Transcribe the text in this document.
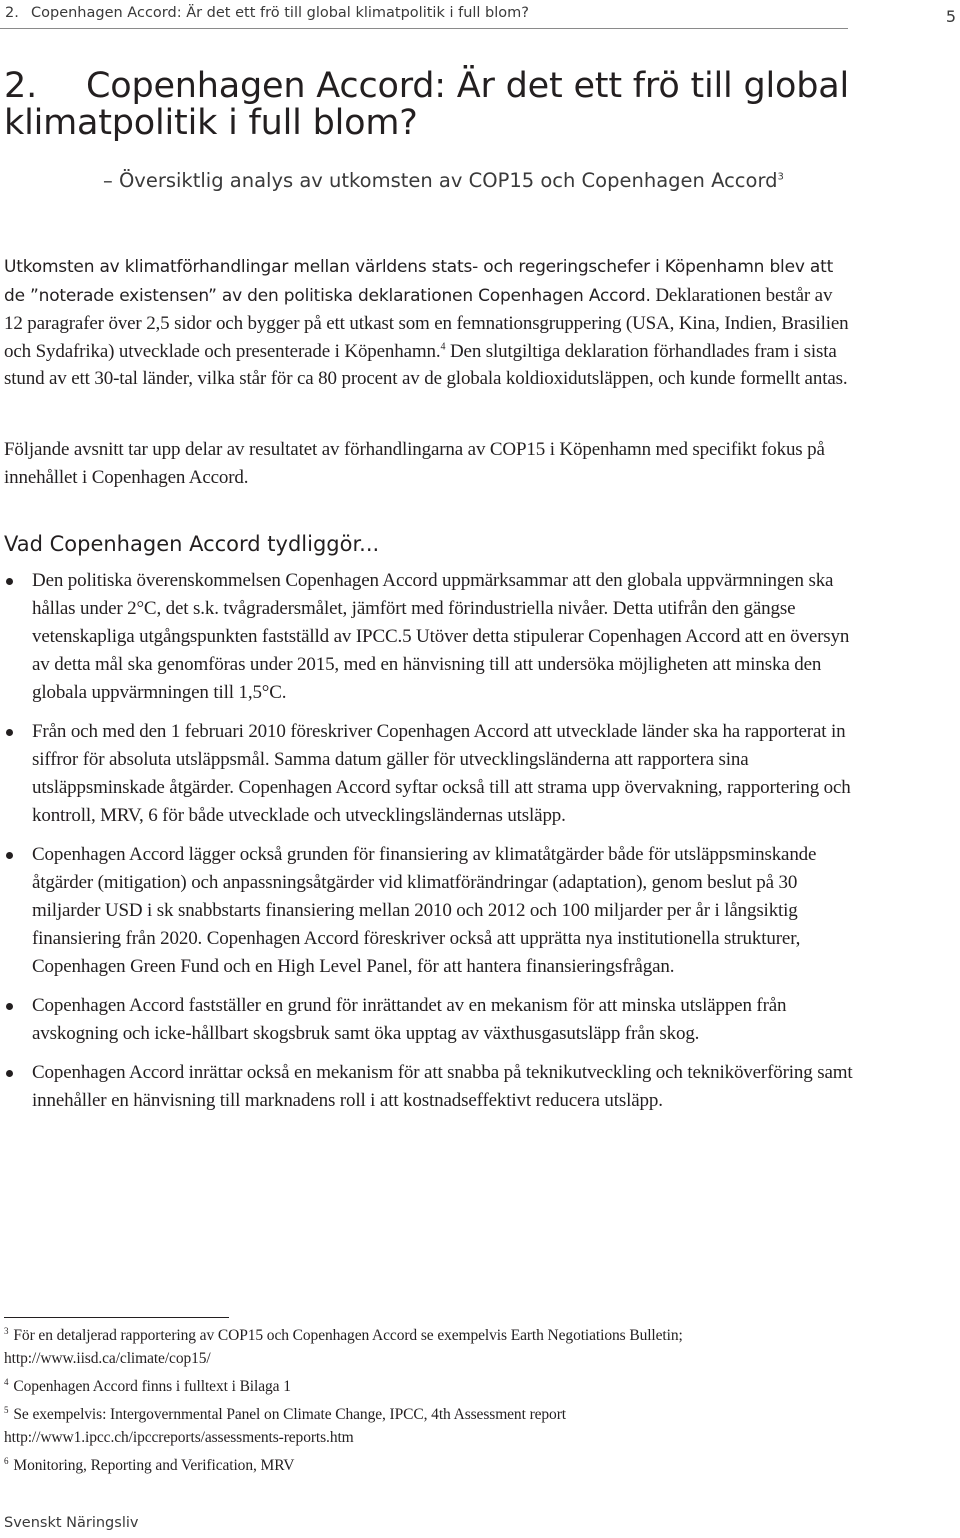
2. Copenhagen Accord: Är det ett frö till global klimatpolitik i full blom?	5
2. Copenhagen Accord: Är det ett frö till global
klimatpolitik i full blom?
– Översiktlig analys av utkomsten av COP15 och Copenhagen Accord$^3$

Utkomsten av klimatförhandlingar mellan världens stats- och regeringschefer i Köpenhamn blev att de ”noterade existensen” av den politiska deklarationen Copenhagen Accord. Deklarationen består av 12 paragrafer över 2,5 sidor och bygger på ett utkast som en femnationsgruppering (USA, Kina, Indien, Brasilien och Sydafrika) utvecklade och presenterade i Köpenhamn.$^4$ Den slutgiltiga deklaration förhandlades fram i sista stund av ett 30-tal länder, vilka står för ca 80 procent av de globala koldioxidutsläppen, och kunde formellt antas.

Följande avsnitt tar upp delar av resultatet av förhandlingarna av COP15 i Köpenhamn med specifikt fokus på innehållet i Copenhagen Accord.

Vad Copenhagen Accord tydliggör...
Den politiska överenskommelsen Copenhagen Accord uppmärksammar att den globala uppvärmningen ska hållas under 2°C, det s.k. tvågradersmålet, jämfört med förindustriella nivåer. Detta utifrån den gängse vetenskapliga utgångspunkten fastställd av IPCC.5 Utöver detta stipulerar Copenhagen Accord att en översyn av detta mål ska genomföras under 2015, med en hänvisning till att undersöka möjligheten att minska den globala uppvärmningen till 1,5°C.
Från och med den 1 februari 2010 föreskriver Copenhagen Accord att utvecklade länder ska ha rapporterat in siffror för absoluta utsläppsmål. Samma datum gäller för utvecklingsländerna att rapportera sina utsläppsminskade åtgärder. Copenhagen Accord syftar också till att strama upp övervakning, rapportering och kontroll, MRV, 6 för både utvecklade och utvecklingsländernas utsläpp.
Copenhagen Accord lägger också grunden för finansiering av klimatåtgärder både för utsläppsminskande åtgärder (mitigation) och anpassningsåtgärder vid klimatförändringar (adaptation), genom beslut på 30 miljarder USD i sk snabbstarts finansiering mellan 2010 och 2012 och 100 miljarder per år i långsiktig finansiering från 2020. Copenhagen Accord föreskriver också att upprätta nya institutionella strukturer, Copenhagen Green Fund och en High Level Panel, för att hantera finansieringsfrågan.
Copenhagen Accord fastställer en grund för inrättandet av en mekanism för att minska utsläppen från avskogning och icke-hållbart skogsbruk samt öka upptag av växthusgasutsläpp från skog.
Copenhagen Accord inrättar också en mekanism för att snabba på teknikutveckling och tekniköverföring samt innehåller en hänvisning till marknadens roll i att kostnadseffektivt reducera utsläpp.

$^3$ För en detaljerad rapportering av COP15 och Copenhagen Accord se exempelvis Earth Negotiations Bulletin; http://www.iisd.ca/climate/cop15/

$^4$ Copenhagen Accord finns i fulltext i Bilaga 1

$^5$ Se exempelvis: Intergovernmental Panel on Climate Change, IPCC, 4th Assessment report http://www1.ipcc.ch/ipccreports/assessments-reports.htm

$^6$ Monitoring, Reporting and Verification, MRV

Svenskt Näringsliv
